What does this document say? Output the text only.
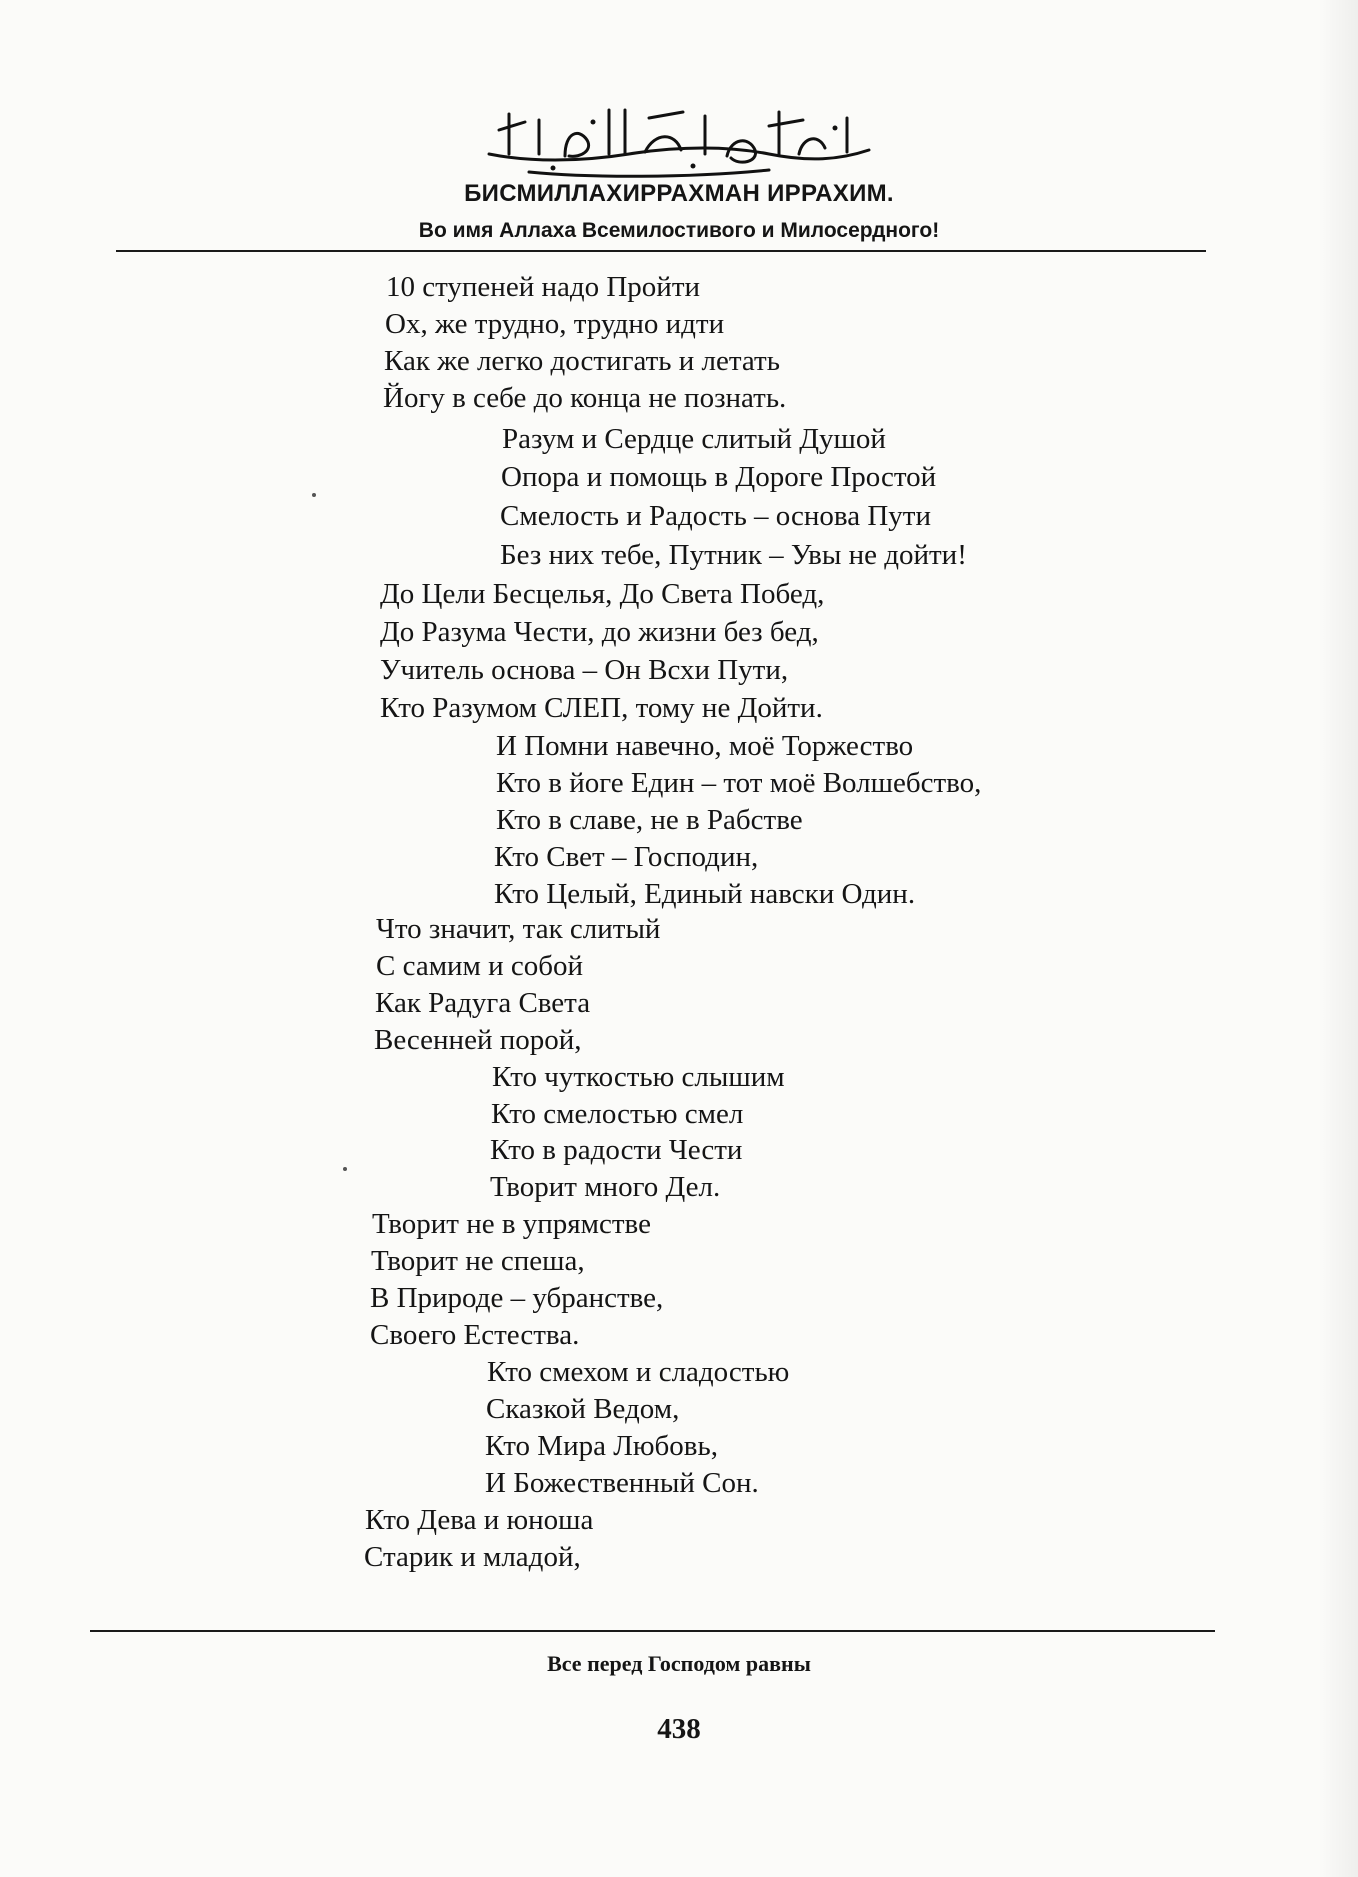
БИСМИЛЛАХИРРАХМАН ИРРАХИМ.
Во имя Аллаха Всемилостивого и Милосердного!
10 ступеней надо Пройти
Ох, же трудно, трудно идти
Как же легко достигать и летать
Йогу в себе до конца не познать.
Разум и Сердце слитый Душой
Опора и помощь в Дороге Простой
Смелость и Радость – основа Пути
Без них тебе, Путник – Увы не дойти!
До Цели Бесцелья, До Света Побед,
До Разума Чести, до жизни без бед,
Учитель основа – Он Всхи Пути,
Кто Разумом СЛЕП, тому не Дойти.
И Помни навечно, моё Торжество
Кто в йоге Един – тот моё Волшебство,
Кто в славе, не в Рабстве
Кто Свет – Господин,
Кто Целый, Единый навски Один.
Что значит, так слитый
С самим и собой
Как Радуга Света
Весенней порой,
Кто чуткостью слышим
Кто смелостью смел
Кто в радости Чести
Творит много Дел.
Творит не в упрямстве
Творит не спеша,
В Природе – убранстве,
Своего Естества.
Кто смехом и сладостью
Сказкой Ведом,
Кто Мира Любовь,
И Божественный Сон.
Кто Дева и юноша
Старик и младой,
Все перед Господом равны
438
